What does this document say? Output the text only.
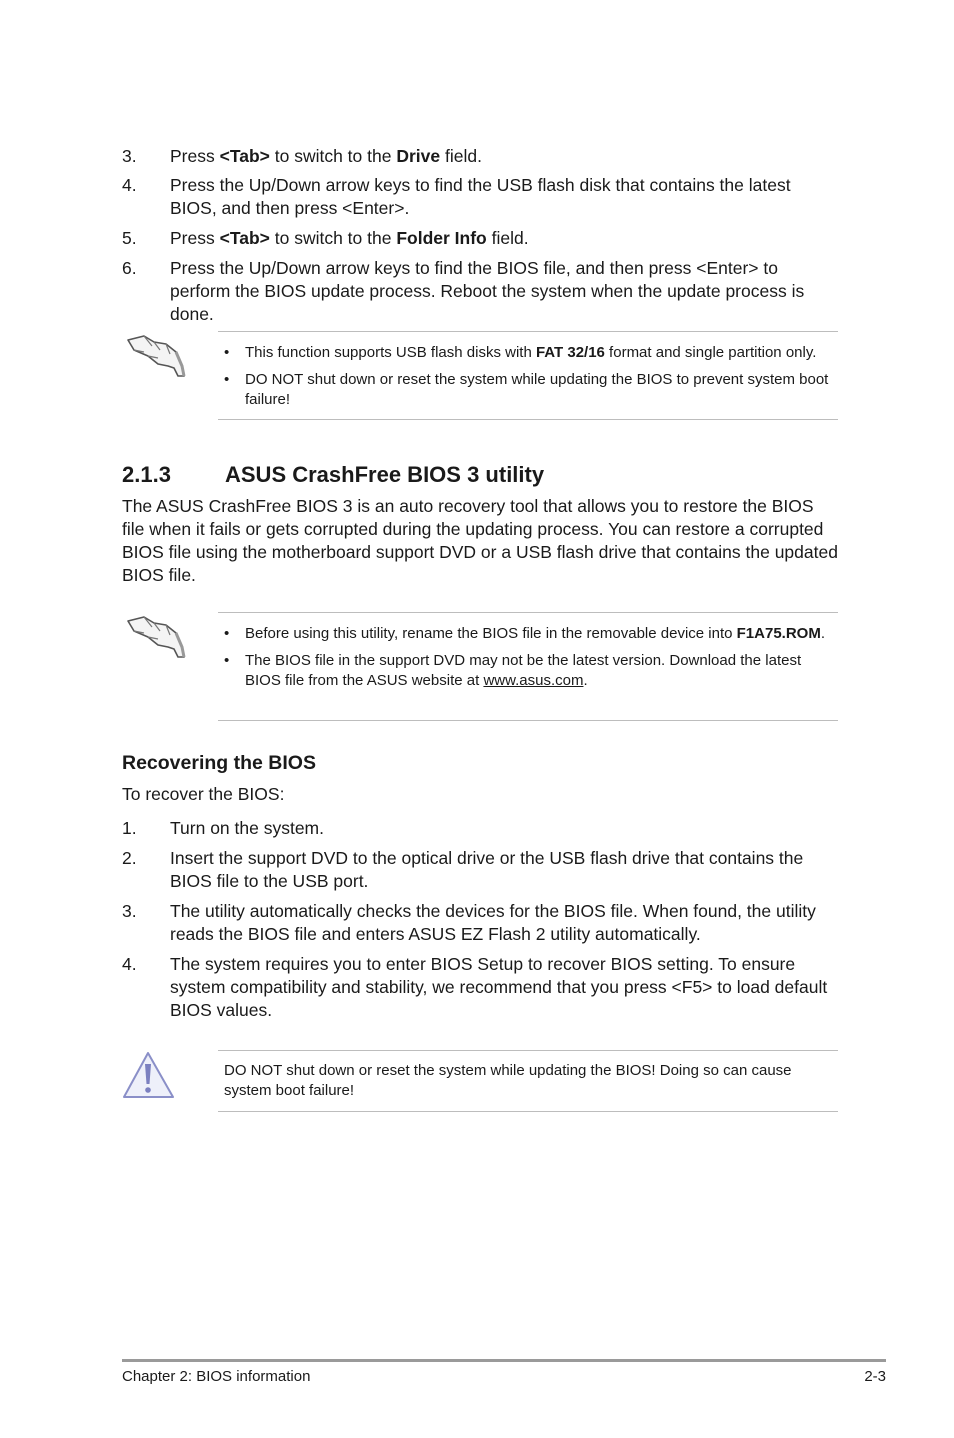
3. Press <Tab> to switch to the Drive field.
4. Press the Up/Down arrow keys to find the USB flash disk that contains the latest BIOS, and then press <Enter>.
5. Press <Tab> to switch to the Folder Info field.
6. Press the Up/Down arrow keys to find the BIOS file, and then press <Enter> to perform the BIOS update process. Reboot the system when the update process is done.
• This function supports USB flash disks with FAT 32/16 format and single partition only.
• DO NOT shut down or reset the system while updating the BIOS to prevent system boot failure!
2.1.3 ASUS CrashFree BIOS 3 utility
The ASUS CrashFree BIOS 3 is an auto recovery tool that allows you to restore the BIOS file when it fails or gets corrupted during the updating process. You can restore a corrupted BIOS file using the motherboard support DVD or a USB flash drive that contains the updated BIOS file.
• Before using this utility, rename the BIOS file in the removable device into F1A75.ROM.
• The BIOS file in the support DVD may not be the latest version. Download the latest BIOS file from the ASUS website at www.asus.com.
Recovering the BIOS
To recover the BIOS:
1. Turn on the system.
2. Insert the support DVD to the optical drive or the USB flash drive that contains the BIOS file to the USB port.
3. The utility automatically checks the devices for the BIOS file. When found, the utility reads the BIOS file and enters ASUS EZ Flash 2 utility automatically.
4. The system requires you to enter BIOS Setup to recover BIOS setting. To ensure system compatibility and stability, we recommend that you press <F5> to load default BIOS values.
DO NOT shut down or reset the system while updating the BIOS! Doing so can cause system boot failure!
Chapter 2: BIOS information	2-3
